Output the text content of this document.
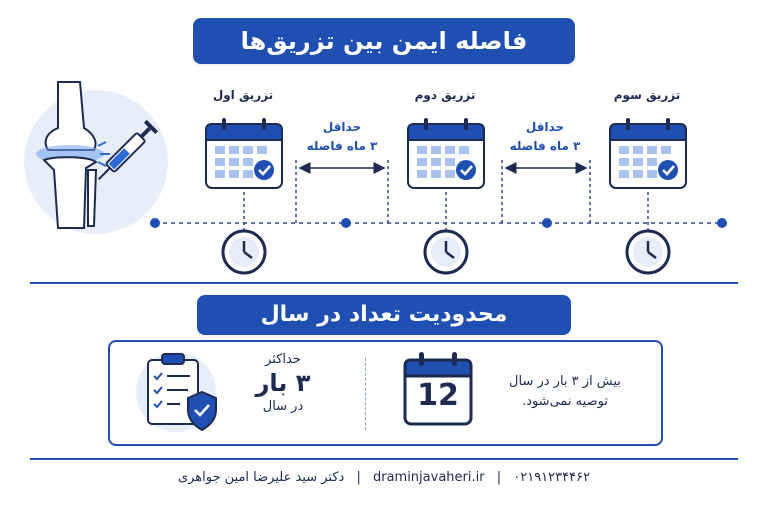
فاصله ایمن بین تزریق‌ها
تزریق اول	تزریق دوم	تزریق سوم
حداقل
۳ ماه فاصله
حداقل
۳ ماه فاصله
محدودیت تعداد در سال
حداکثر
۳ بار
در سال	12	بیش از ۳ بار در سال
توصیه نمی‌شود.
۰۲۱۹۱۲۳۴۴۶۲ | draminjavaheri.ir | دکتر سید علیرضا امین جواهری
